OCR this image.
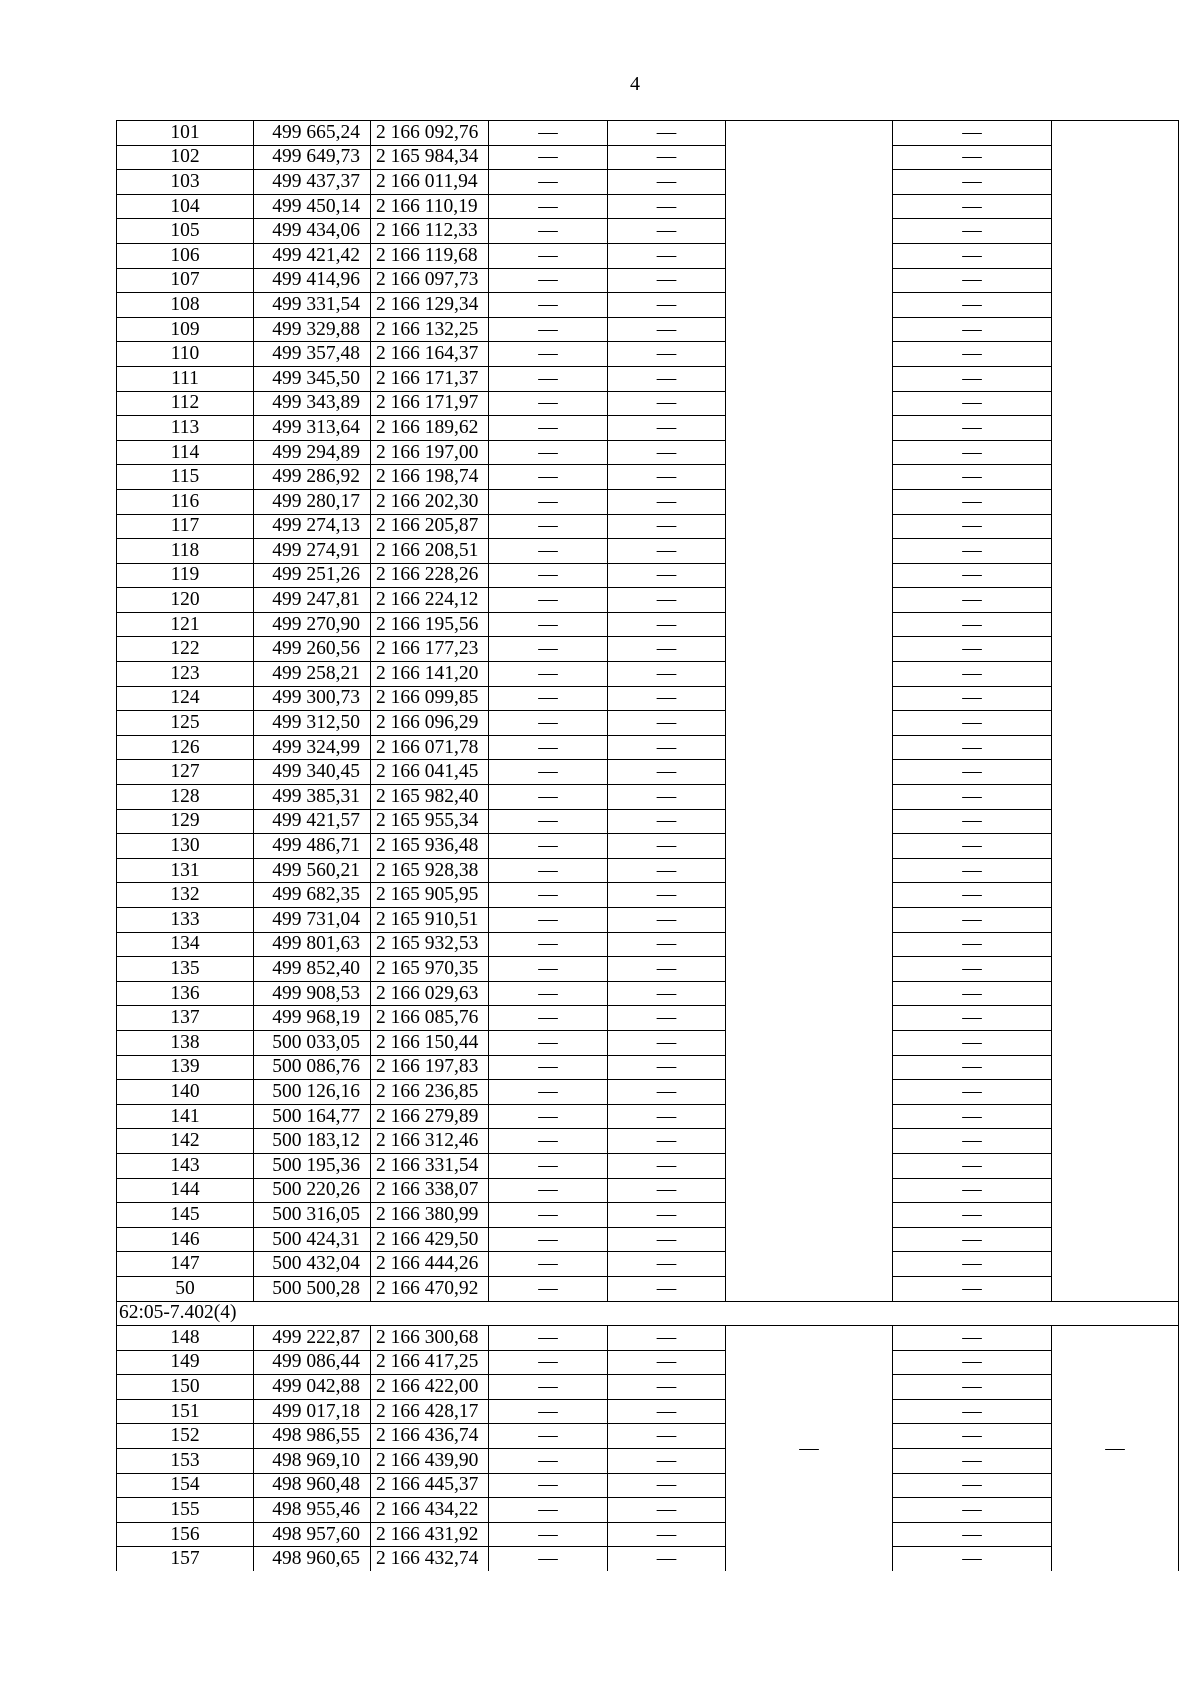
4
101	499 665,24	2 166 092,76	—	—		—	
102	499 649,73	2 165 984,34	—	—		—	
103	499 437,37	2 166 011,94	—	—		—	
104	499 450,14	2 166 110,19	—	—		—	
105	499 434,06	2 166 112,33	—	—		—	
106	499 421,42	2 166 119,68	—	—		—	
107	499 414,96	2 166 097,73	—	—		—	
108	499 331,54	2 166 129,34	—	—		—	
109	499 329,88	2 166 132,25	—	—		—	
110	499 357,48	2 166 164,37	—	—		—	
111	499 345,50	2 166 171,37	—	—		—	
112	499 343,89	2 166 171,97	—	—		—	
113	499 313,64	2 166 189,62	—	—		—	
114	499 294,89	2 166 197,00	—	—		—	
115	499 286,92	2 166 198,74	—	—		—	
116	499 280,17	2 166 202,30	—	—		—	
117	499 274,13	2 166 205,87	—	—		—	
118	499 274,91	2 166 208,51	—	—		—	
119	499 251,26	2 166 228,26	—	—		—	
120	499 247,81	2 166 224,12	—	—		—	
121	499 270,90	2 166 195,56	—	—		—	
122	499 260,56	2 166 177,23	—	—		—	
123	499 258,21	2 166 141,20	—	—		—	
124	499 300,73	2 166 099,85	—	—		—	
125	499 312,50	2 166 096,29	—	—		—	
126	499 324,99	2 166 071,78	—	—		—	
127	499 340,45	2 166 041,45	—	—		—	
128	499 385,31	2 165 982,40	—	—		—	
129	499 421,57	2 165 955,34	—	—		—	
130	499 486,71	2 165 936,48	—	—		—	
131	499 560,21	2 165 928,38	—	—		—	
132	499 682,35	2 165 905,95	—	—		—	
133	499 731,04	2 165 910,51	—	—		—	
134	499 801,63	2 165 932,53	—	—		—	
135	499 852,40	2 165 970,35	—	—		—	
136	499 908,53	2 166 029,63	—	—		—	
137	499 968,19	2 166 085,76	—	—		—	
138	500 033,05	2 166 150,44	—	—		—	
139	500 086,76	2 166 197,83	—	—		—	
140	500 126,16	2 166 236,85	—	—		—	
141	500 164,77	2 166 279,89	—	—		—	
142	500 183,12	2 166 312,46	—	—		—	
143	500 195,36	2 166 331,54	—	—		—	
144	500 220,26	2 166 338,07	—	—		—	
145	500 316,05	2 166 380,99	—	—		—	
146	500 424,31	2 166 429,50	—	—		—	
147	500 432,04	2 166 444,26	—	—		—	
50	500 500,28	2 166 470,92	—	—		—	
62:05-7.402(4)							
148	499 222,87	2 166 300,68	—	—	—	—	—
149	499 086,44	2 166 417,25	—	—		—	
150	499 042,88	2 166 422,00	—	—		—	
151	499 017,18	2 166 428,17	—	—		—	
152	498 986,55	2 166 436,74	—	—		—	
153	498 969,10	2 166 439,90	—	—		—	
154	498 960,48	2 166 445,37	—	—		—	
155	498 955,46	2 166 434,22	—	—		—	
156	498 957,60	2 166 431,92	—	—		—	
157	498 960,65	2 166 432,74	—	—		—	
